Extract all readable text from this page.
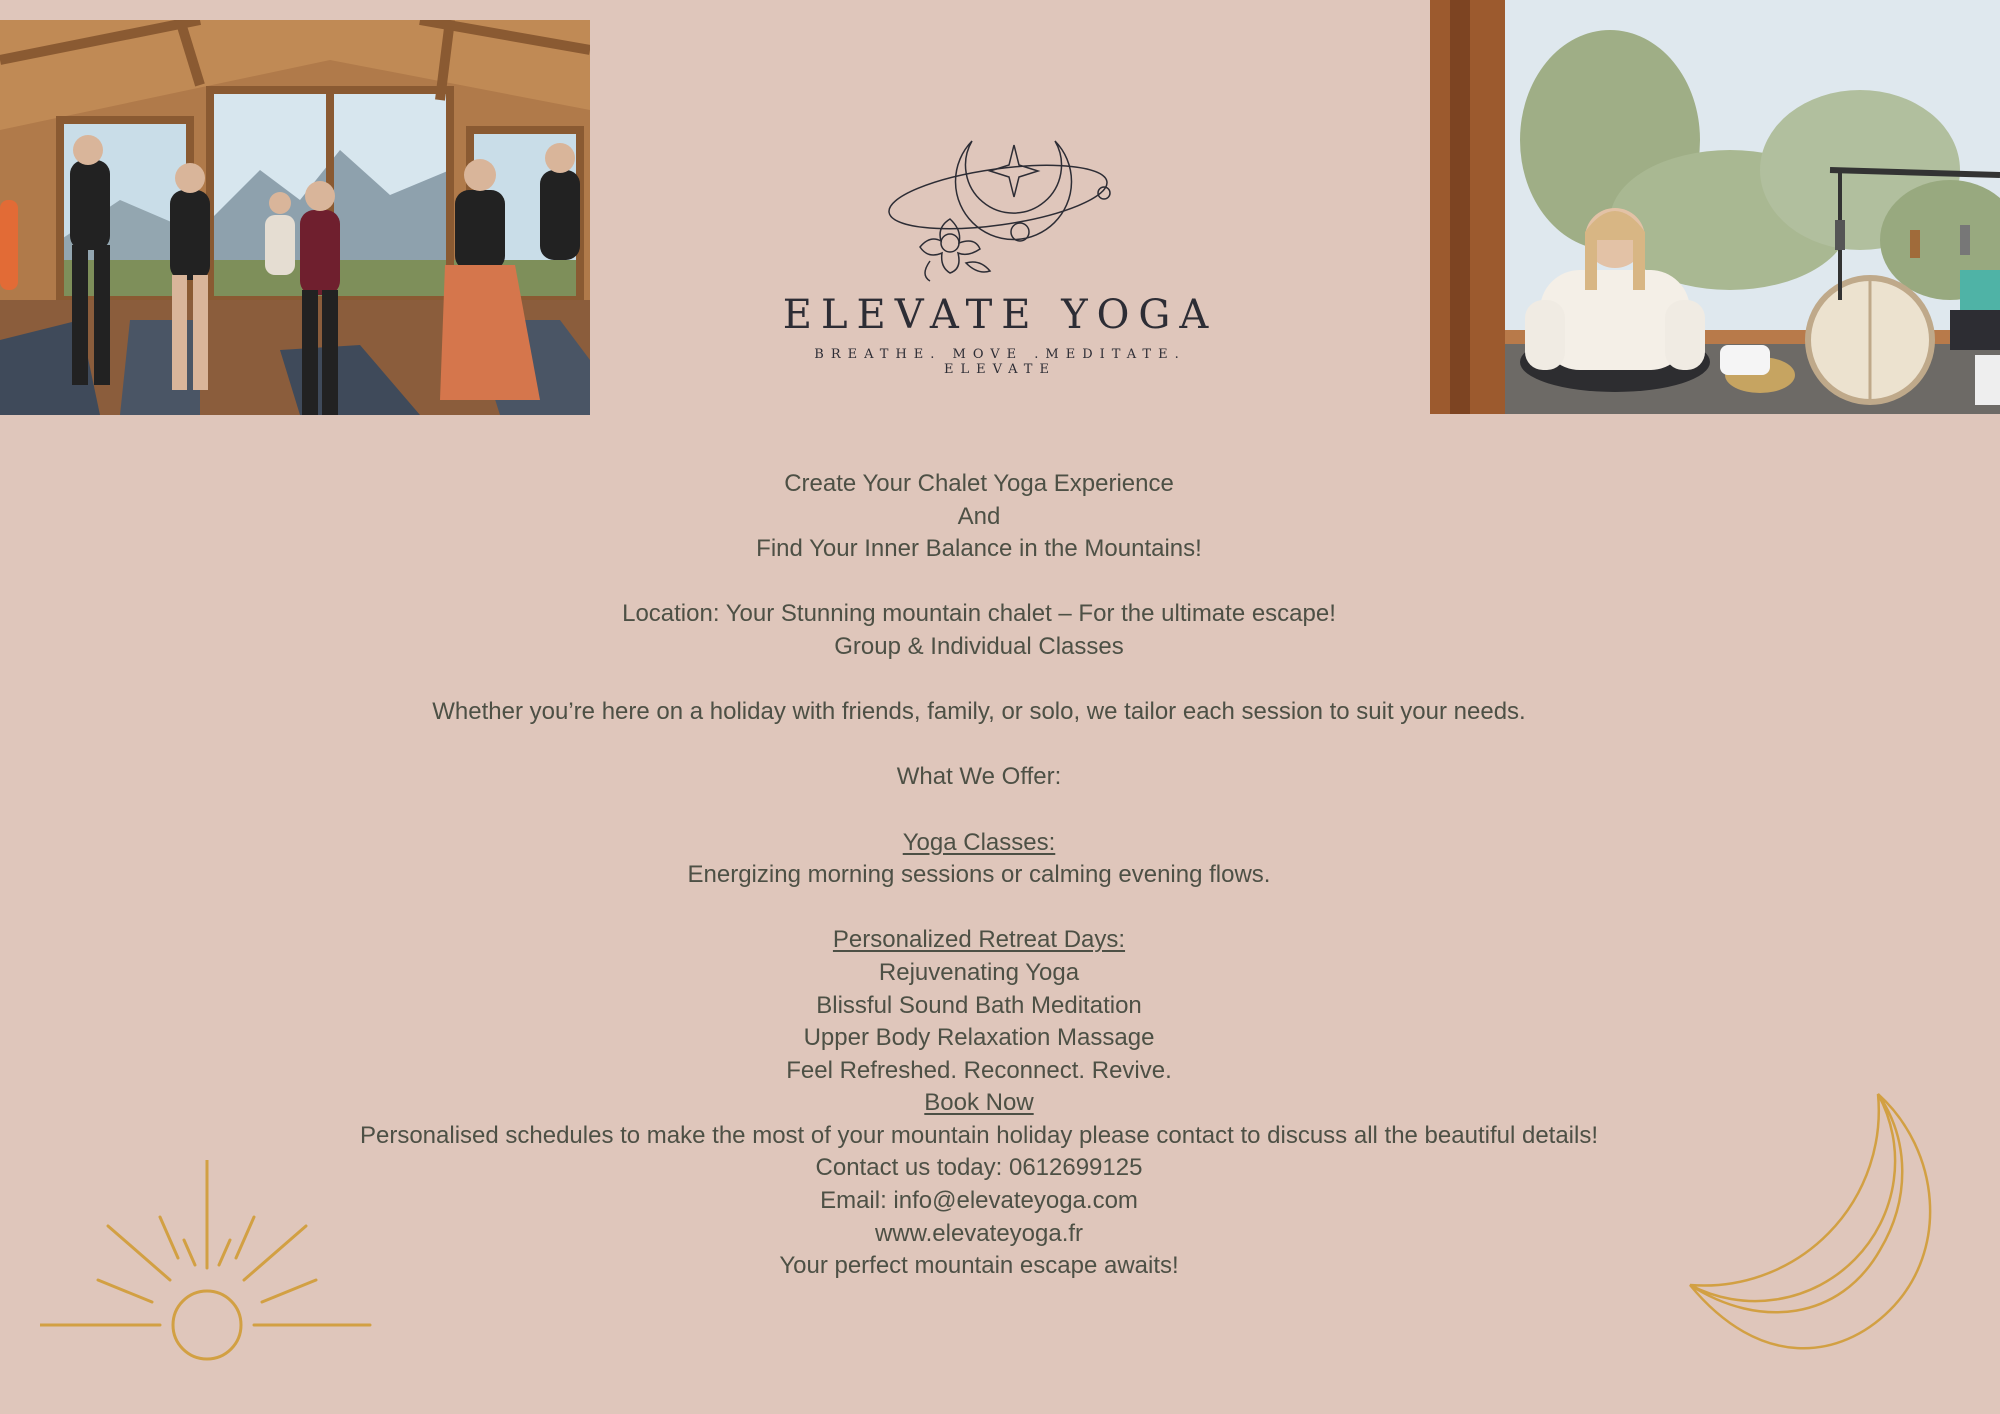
ELEVATE YOGA
BREATHE. MOVE .MEDITATE. ELEVATE
Create Your Chalet Yoga Experience
And
Find Your Inner Balance in the Mountains!
Location: Your Stunning mountain chalet – For the ultimate escape!
Group & Individual Classes
Whether you’re here on a holiday with friends, family, or solo, we tailor each session to suit your needs.
What We Offer:
Yoga Classes:
Energizing morning sessions or calming evening flows.
Personalized Retreat Days:
Rejuvenating Yoga
Blissful Sound Bath Meditation
Upper Body Relaxation Massage
Feel Refreshed. Reconnect. Revive.
Book Now
Personalised schedules to make the most of your mountain holiday please contact to discuss all the beautiful details!
Contact us today: 0612699125
Email: info@elevateyoga.com
www.elevateyoga.fr
Your perfect mountain escape awaits!
